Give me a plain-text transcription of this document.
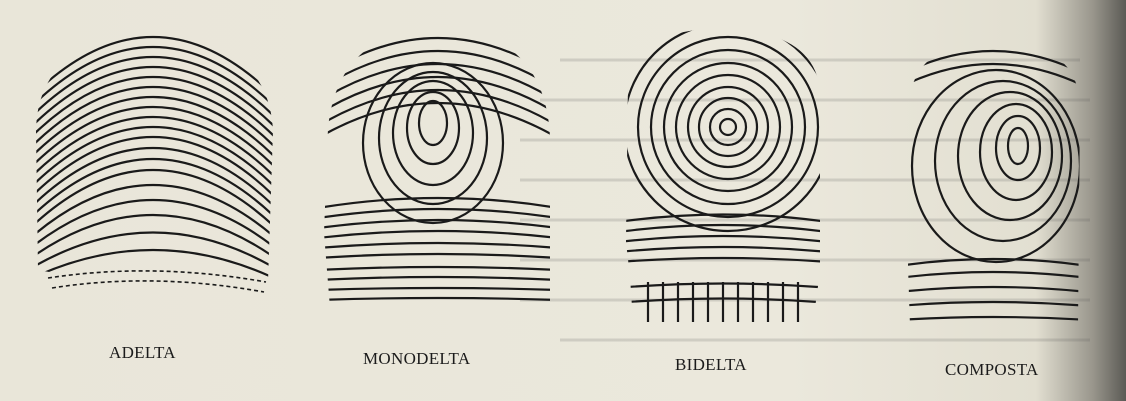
ADELTA	MONODELTA	BIDELTA	COMPOSTA
